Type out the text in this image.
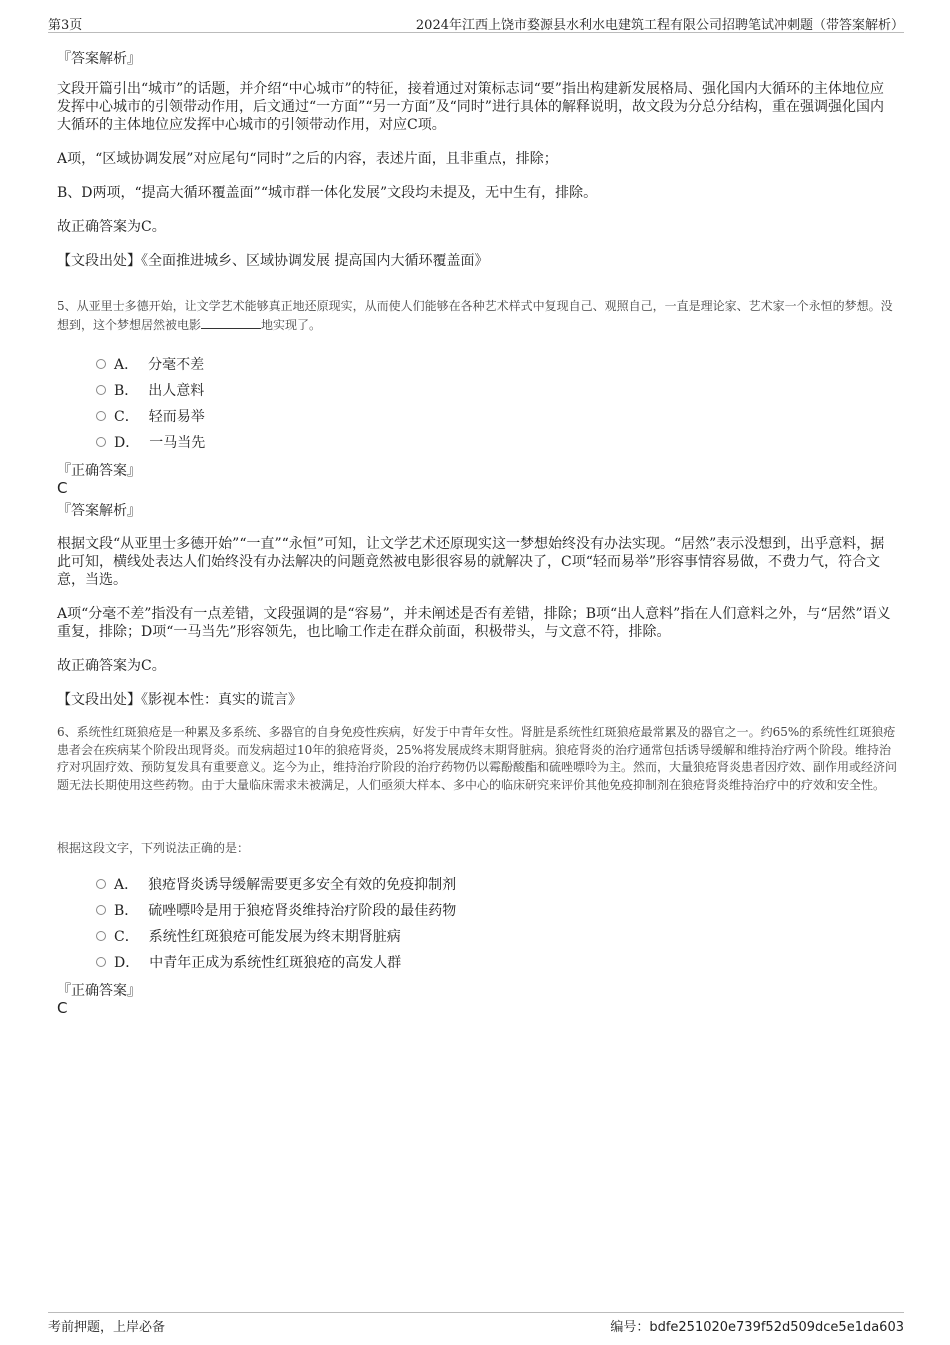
第3页	2024年江西上饶市婺源县水利水电建筑工程有限公司招聘笔试冲刺题（带答案解析）
『答案解析』
文段开篇引出“城市”的话题，并介绍“中心城市”的特征，接着通过对策标志词“要”指出构建新发展格局、强化国内大循环的主体地位应发挥中心城市的引领带动作用，后文通过“一方面”“另一方面”及“同时”进行具体的解释说明，故文段为分总分结构，重在强调强化国内大循环的主体地位应发挥中心城市的引领带动作用，对应C项。
A项，“区域协调发展”对应尾句“同时”之后的内容，表述片面，且非重点，排除；
B、D两项，“提高大循环覆盖面”“城市群一体化发展”文段均未提及，无中生有，排除。
故正确答案为C。
【文段出处】《全面推进城乡、区域协调发展 提高国内大循环覆盖面》
5、从亚里士多德开始，让文学艺术能够真正地还原现实，从而使人们能够在各种艺术样式中复现自己、观照自己，一直是理论家、艺术家一个永恒的梦想。没想到，这个梦想居然被电影	地实现了。
A． 分毫不差
B． 出人意料
C． 轻而易举
D． 一马当先
『正确答案』
C
『答案解析』
根据文段“从亚里士多德开始”“一直”“永恒”可知，让文学艺术还原现实这一梦想始终没有办法实现。“居然”表示没想到，出乎意料，据此可知，横线处表达人们始终没有办法解决的问题竟然被电影很容易的就解决了，C项“轻而易举”形容事情容易做，不费力气，符合文意，当选。
A项“分毫不差”指没有一点差错，文段强调的是“容易”，并未阐述是否有差错，排除；B项“出人意料”指在人们意料之外，与“居然”语义重复，排除；D项“一马当先”形容领先，也比喻工作走在群众前面，积极带头，与文意不符，排除。
故正确答案为C。
【文段出处】《影视本性：真实的谎言》
6、系统性红斑狼疮是一种累及多系统、多器官的自身免疫性疾病，好发于中青年女性。肾脏是系统性红斑狼疮最常累及的器官之一。约65%的系统性红斑狼疮患者会在疾病某个阶段出现肾炎。而发病超过10年的狼疮肾炎，25%将发展成终末期肾脏病。狼疮肾炎的治疗通常包括诱导缓解和维持治疗两个阶段。维持治疗对巩固疗效、预防复发具有重要意义。迄今为止，维持治疗阶段的治疗药物仍以霉酚酸酯和硫唑嘌呤为主。然而，大量狼疮肾炎患者因疗效、副作用或经济问题无法长期使用这些药物。由于大量临床需求未被满足，人们亟须大样本、多中心的临床研究来评价其他免疫抑制剂在狼疮肾炎维持治疗中的疗效和安全性。
根据这段文字，下列说法正确的是：
A． 狼疮肾炎诱导缓解需要更多安全有效的免疫抑制剂
B． 硫唑嘌呤是用于狼疮肾炎维持治疗阶段的最佳药物
C． 系统性红斑狼疮可能发展为终末期肾脏病
D． 中青年正成为系统性红斑狼疮的高发人群
『正确答案』
C
考前押题，上岸必备	编号：bdfe251020e739f52d509dce5e1da603
